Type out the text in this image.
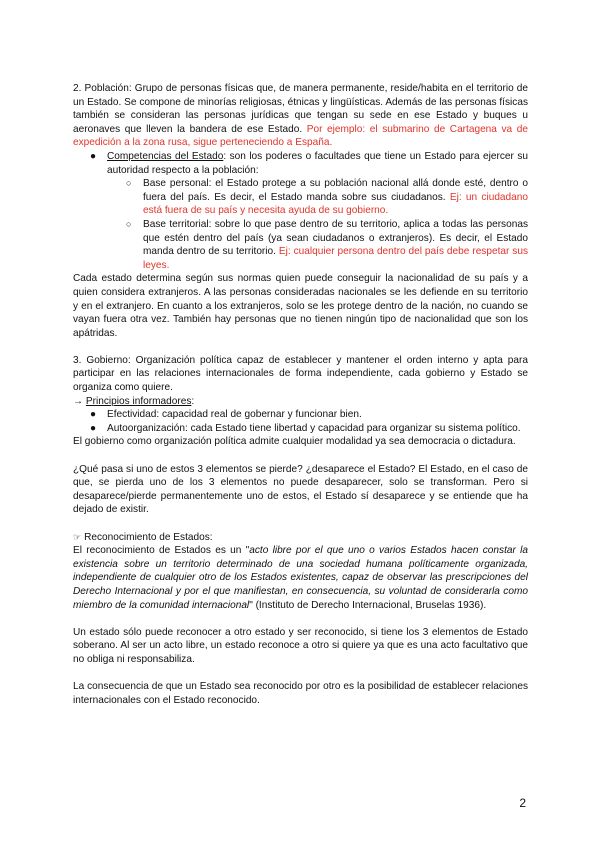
2. Población: Grupo de personas físicas que, de manera permanente, reside/habita en el territorio de un Estado. Se compone de minorías religiosas, étnicas y lingüísticas. Además de las personas físicas también se consideran las personas jurídicas que tengan su sede en ese Estado y buques u aeronaves que lleven la bandera de ese Estado. Por ejemplo: el submarino de Cartagena va de expedición a la zona rusa, sigue perteneciendo a España.

● Competencias del Estado: son los poderes o facultades que tiene un Estado para ejercer su autoridad respecto a la población:
○ Base personal: el Estado protege a su población nacional allá donde esté, dentro o fuera del país. Es decir, el Estado manda sobre sus ciudadanos. Ej: un ciudadano está fuera de su país y necesita ayuda de su gobierno.
○ Base territorial: sobre lo que pase dentro de su territorio, aplica a todas las personas que estén dentro del país (ya sean ciudadanos o extranjeros). Es decir, el Estado manda dentro de su territorio. Ej: cualquier persona dentro del país debe respetar sus leyes.

Cada estado determina según sus normas quien puede conseguir la nacionalidad de su país y a quien considera extranjeros. A las personas consideradas nacionales se les defiende en su territorio y en el extranjero. En cuanto a los extranjeros, solo se les protege dentro de la nación, no cuando se vayan fuera otra vez. También hay personas que no tienen ningún tipo de nacionalidad que son los apátridas.

3. Gobierno: Organización política capaz de establecer y mantener el orden interno y apta para participar en las relaciones internacionales de forma independiente, cada gobierno y Estado se organiza como quiere.

→ Principios informadores:

● Efectividad: capacidad real de gobernar y funcionar bien.
● Autoorganización: cada Estado tiene libertad y capacidad para organizar su sistema político.

El gobierno como organización política admite cualquier modalidad ya sea democracia o dictadura.

¿Qué pasa si uno de estos 3 elementos se pierde? ¿desaparece el Estado? El Estado, en el caso de que, se pierda uno de los 3 elementos no puede desaparecer, solo se transforman. Pero si desaparece/pierde permanentemente uno de estos, el Estado sí desaparece y se entiende que ha dejado de existir.

☞ Reconocimiento de Estados:

El reconocimiento de Estados es un "acto libre por el que uno o varios Estados hacen constar la existencia sobre un territorio determinado de una sociedad humana políticamente organizada, independiente de cualquier otro de los Estados existentes, capaz de observar las prescripciones del Derecho Internacional y por el que manifiestan, en consecuencia, su voluntad de considerarla como miembro de la comunidad internacional" (Instituto de Derecho Internacional, Bruselas 1936).

Un estado sólo puede reconocer a otro estado y ser reconocido, si tiene los 3 elementos de Estado soberano. Al ser un acto libre, un estado reconoce a otro si quiere ya que es una acto facultativo que no obliga ni responsabiliza.

La consecuencia de que un Estado sea reconocido por otro es la posibilidad de establecer relaciones internacionales con el Estado reconocido.

2
